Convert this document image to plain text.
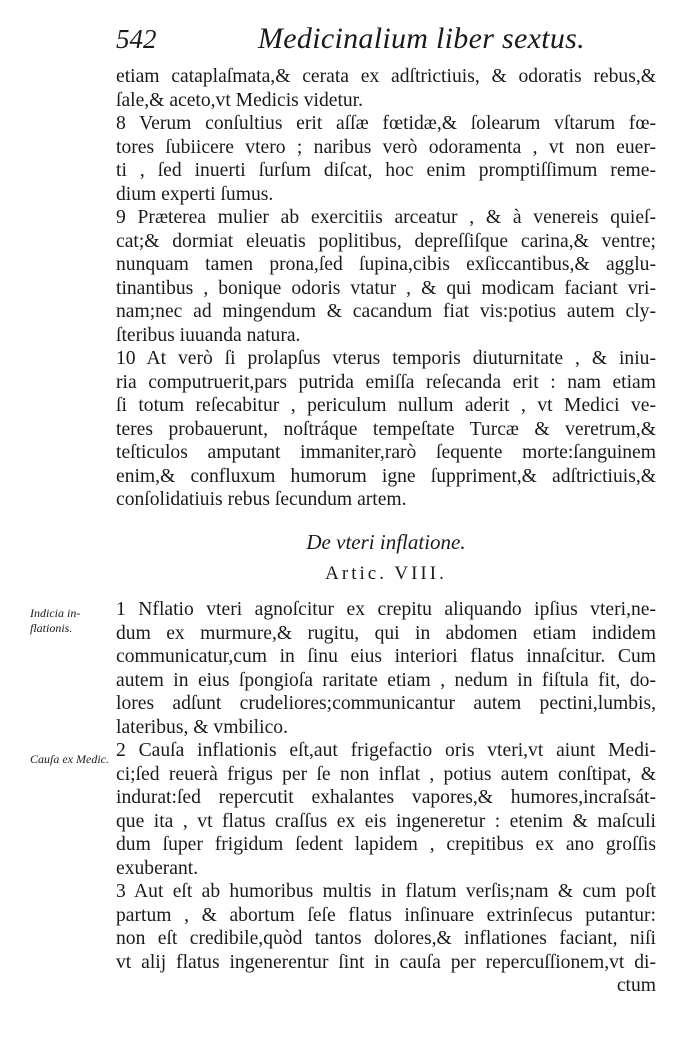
542	Medicinalium liber sextus.
etiam cataplaſmata,& cerata ex adſtrictiuis, & odoratis rebus,&
ſale,& aceto,vt Medicis videtur.
8 Verum conſultius erit aſſæ fœtidæ,& ſolearum vſtarum fœ-
tores ſubiicere vtero ; naribus verò odoramenta , vt non euer-
ti , ſed inuerti ſurſum diſcat, hoc enim promptiſſimum reme-
dium experti ſumus.
9 Præterea mulier ab exercitiis arceatur , & à venereis quieſ-
cat;& dormiat eleuatis poplitibus, depreſſiſque carina,& ventre;
nunquam tamen prona,ſed ſupina,cibis exſiccantibus,& agglu-
tinantibus , bonique odoris vtatur , & qui modicam faciant vri-
nam;nec ad mingendum & cacandum fiat vis:potius autem cly-
ſteribus iuuanda natura.
10 At verò ſi prolapſus vterus temporis diuturnitate , & iniu-
ria computruerit,pars putrida emiſſa reſecanda erit : nam etiam
ſi totum reſecabitur , periculum nullum aderit , vt Medici ve-
teres probauerunt, noſtráque tempeſtate Turcæ & veretrum,&
teſticulos amputant immaniter,rarò ſequente morte:ſanguinem
enim,& confluxum humorum igne ſuppriment,& adſtrictiuis,&
conſolidatiuis rebus ſecundum artem.
De vteri inflatione.
Artic. VIII.
Indicia in- flationis.
Cauſa ex Medic.
1 Nflatio vteri agnoſcitur ex crepitu aliquando ipſius vteri,ne-
dum ex murmure,& rugitu, qui in abdomen etiam indidem
communicatur,cum in ſinu eius interiori flatus innaſcitur. Cum
autem in eius ſpongioſa raritate etiam , nedum in fiſtula fit, do-
lores adſunt crudeliores;communicantur autem pectini,lumbis,
lateribus, & vmbilico.
2 Cauſa inflationis eſt,aut frigefactio oris vteri,vt aiunt Medi-
ci;ſed reuerà frigus per ſe non inflat , potius autem conſtipat, &
indurat:ſed repercutit exhalantes vapores,& humores,incraſsát-
que ita , vt flatus craſſus ex eis ingeneretur : etenim & maſculi
dum ſuper frigidum ſedent lapidem , crepitibus ex ano groſſis
exuberant.
3 Aut eſt ab humoribus multis in flatum verſis;nam & cum poſt
partum , & abortum ſeſe flatus inſinuare extrinſecus putantur:
non eſt credibile,quòd tantos dolores,& inflationes faciant, niſi
vt alij flatus ingenerentur ſint in cauſa per repercuſſionem,vt di-
ctum
